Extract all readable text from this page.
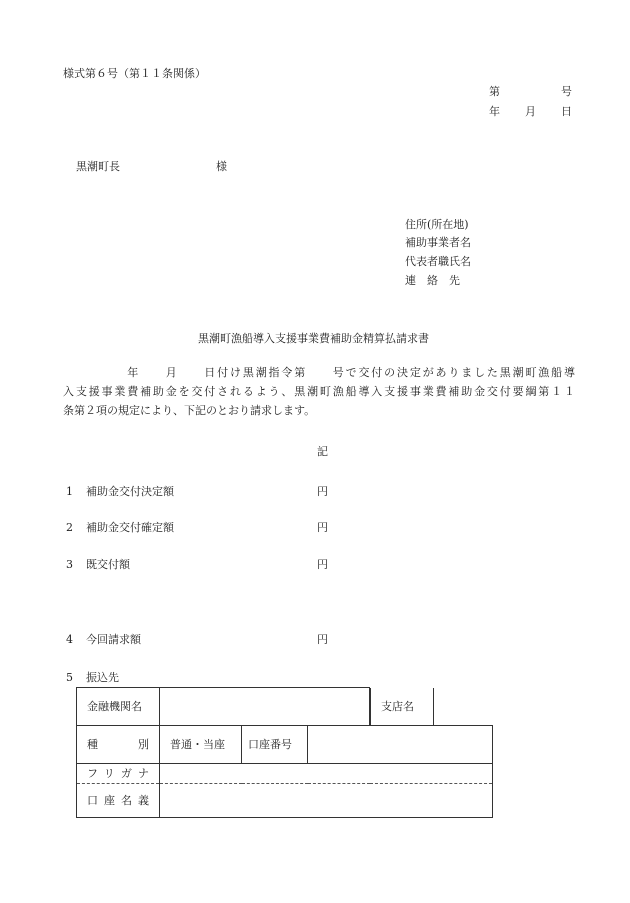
様式第６号（第１１条関係）
第	号
年 月 日
黒潮町長	様
住所(所在地)
補助事業者名
代表者職氏名
連　絡　先
黒潮町漁船導入支援事業費補助金精算払請求書
　　　　　年　　月　　日付け黒潮指令第　　号で交付の決定がありました黒潮町漁船導
入支援事業費補助金を交付されるよう、黒潮町漁船導入支援事業費補助金交付要綱第１１
条第２項の規定により、下記のとおり請求します。
記
1 補助金交付決定額	円
2 補助金交付確定額	円
3 既交付額	円
4 今回請求額	円
5 振込先
金融機関名			支店名	

種　別	普通・当座	口座番号	
フリガナ	
口座名義	
